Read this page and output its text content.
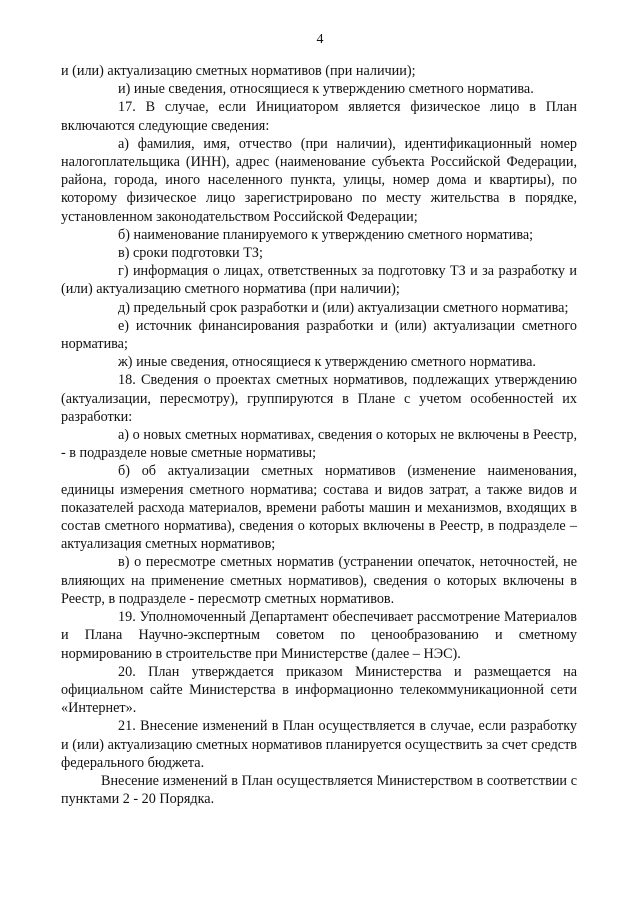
4

и (или) актуализацию сметных нормативов (при наличии);

и) иные сведения, относящиеся к утверждению сметного норматива.

17. В случае, если Инициатором является физическое лицо в План включаются следующие сведения:

а) фамилия, имя, отчество (при наличии), идентификационный номер налогоплательщика (ИНН), адрес (наименование субъекта Российской Федерации, района, города, иного населенного пункта, улицы, номер дома и квартиры), по которому физическое лицо зарегистрировано по месту жительства в порядке, установленном законодательством Российской Федерации;

б) наименование планируемого к утверждению сметного норматива;

в) сроки подготовки ТЗ;

г) информация о лицах, ответственных за подготовку ТЗ и за разработку и (или) актуализацию сметного норматива (при наличии);

д) предельный срок разработки и (или) актуализации сметного норматива;

е) источник финансирования разработки и (или) актуализации сметного норматива;

ж) иные сведения, относящиеся к утверждению сметного норматива.

18. Сведения о проектах сметных нормативов, подлежащих утверждению (актуализации, пересмотру), группируются в Плане с учетом особенностей их разработки:

а) о новых сметных нормативах, сведения о которых не включены в Реестр, - в подразделе новые сметные нормативы;

б) об актуализации сметных нормативов (изменение наименования, единицы измерения сметного норматива; состава и видов затрат, а также видов и показателей расхода материалов, времени работы машин и механизмов, входящих в состав сметного норматива), сведения о которых включены в Реестр, в подразделе – актуализация сметных нормативов;

в) о пересмотре сметных норматив (устранении опечаток, неточностей, не влияющих на применение сметных нормативов), сведения о которых включены в Реестр, в подразделе - пересмотр сметных нормативов.

19. Уполномоченный Департамент обеспечивает рассмотрение Материалов и Плана Научно-экспертным советом по ценообразованию и сметному нормированию в строительстве при Министерстве (далее – НЭС).

20. План утверждается приказом Министерства и размещается на официальном сайте Министерства в информационно телекоммуникационной сети «Интернет».

21. Внесение изменений в План осуществляется в случае, если разработку и (или) актуализацию сметных нормативов планируется осуществить за счет средств федерального бюджета.

Внесение изменений в План осуществляется Министерством в соответствии с пунктами 2 - 20 Порядка.
